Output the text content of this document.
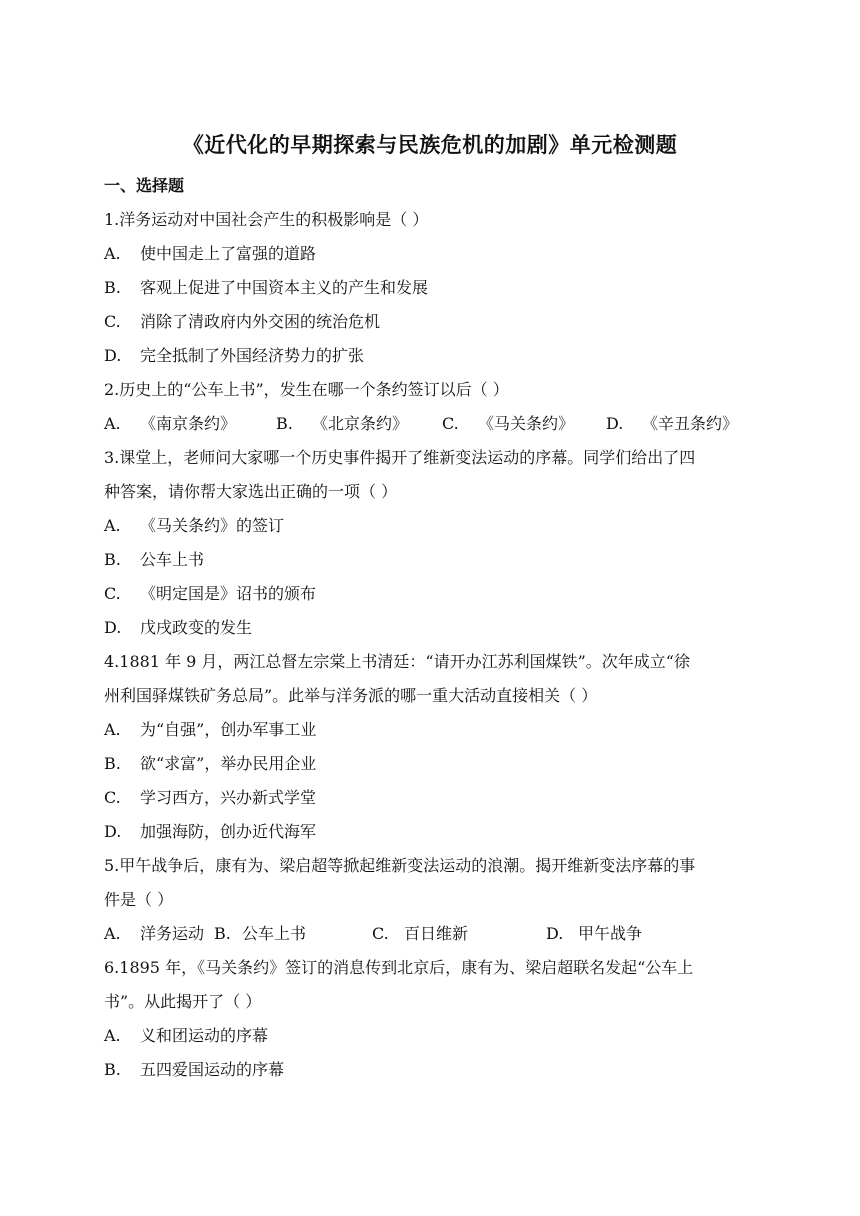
《近代化的早期探索与民族危机的加剧》单元检测题
一、选择题
1.洋务运动对中国社会产生的积极影响是（ ）
A. 使中国走上了富强的道路
B. 客观上促进了中国资本主义的产生和发展
C. 消除了清政府内外交困的统治危机
D. 完全抵制了外国经济势力的扩张
2.历史上的“公车上书”，发生在哪一个条约签订以后（ ）
A. 《南京条约》 B. 《北京条约》 C. 《马关条约》 D. 《辛丑条约》
3.课堂上，老师问大家哪一个历史事件揭开了维新变法运动的序幕。同学们给出了四
种答案，请你帮大家选出正确的一项（ ）
A. 《马关条约》的签订
B. 公车上书
C. 《明定国是》诏书的颁布
D. 戊戌政变的发生
4.1881 年 9 月，两江总督左宗棠上书清廷：“请开办江苏利国煤铁”。次年成立“徐
州利国驿煤铁矿务总局”。此举与洋务派的哪一重大活动直接相关（ ）
A. 为“自强”，创办军事工业
B. 欲“求富”，举办民用企业
C. 学习西方，兴办新式学堂
D. 加强海防，创办近代海军
5.甲午战争后，康有为、梁启超等掀起维新变法运动的浪潮。揭开维新变法序幕的事
件是（ ）
A. 洋务运动 B. 公车上书	C. 百日维新	D. 甲午战争
6.1895 年，《马关条约》签订的消息传到北京后，康有为、梁启超联名发起“公车上
书”。从此揭开了（ ）
A. 义和团运动的序幕
B. 五四爱国运动的序幕
